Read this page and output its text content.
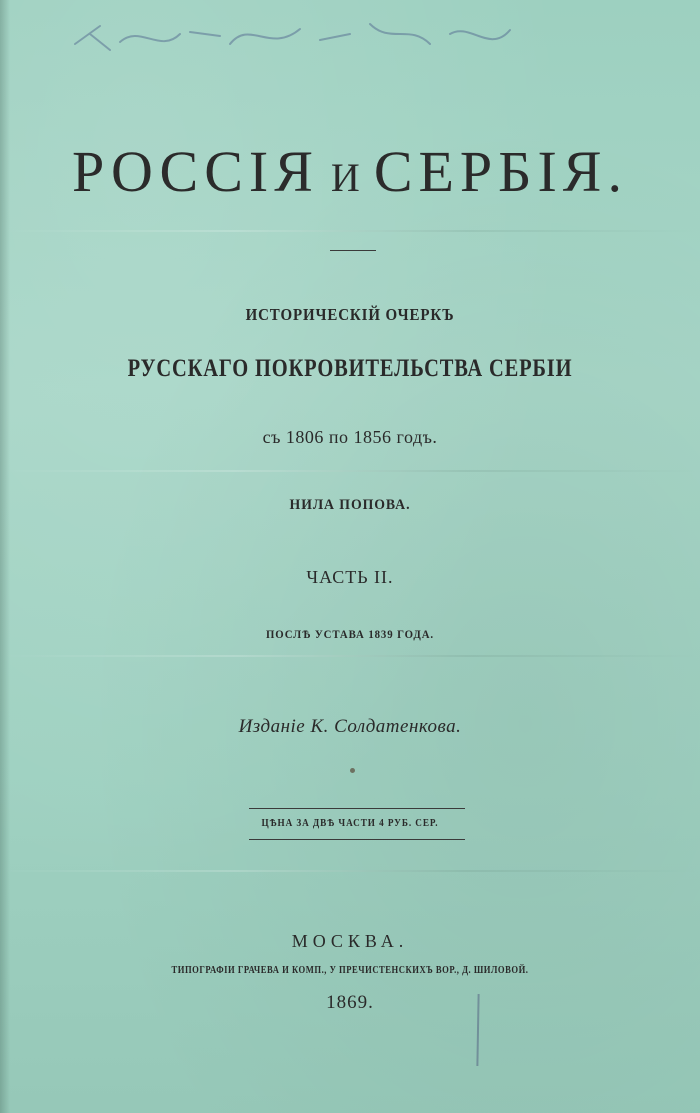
РОССІЯ И СЕРБІЯ.
ИСТОРИЧЕСКІЙ ОЧЕРКЪ
РУССКАГО ПОКРОВИТЕЛЬСТВА СЕРБІИ
съ 1806 по 1856 годъ.
НИЛА ПОПОВА.
ЧАСТЬ II.
ПОСЛѢ УСТАВА 1839 ГОДА.
Изданіе К. Солдатенкова.
ЦѢНА ЗА ДВѢ ЧАСТИ 4 РУБ. СЕР.
МОСКВА.
ТИПОГРАФІИ ГРАЧЕВА И КОМП., У ПРЕЧИСТЕНСКИХЪ ВОР., Д. ШИЛОВОЙ.
1869.
